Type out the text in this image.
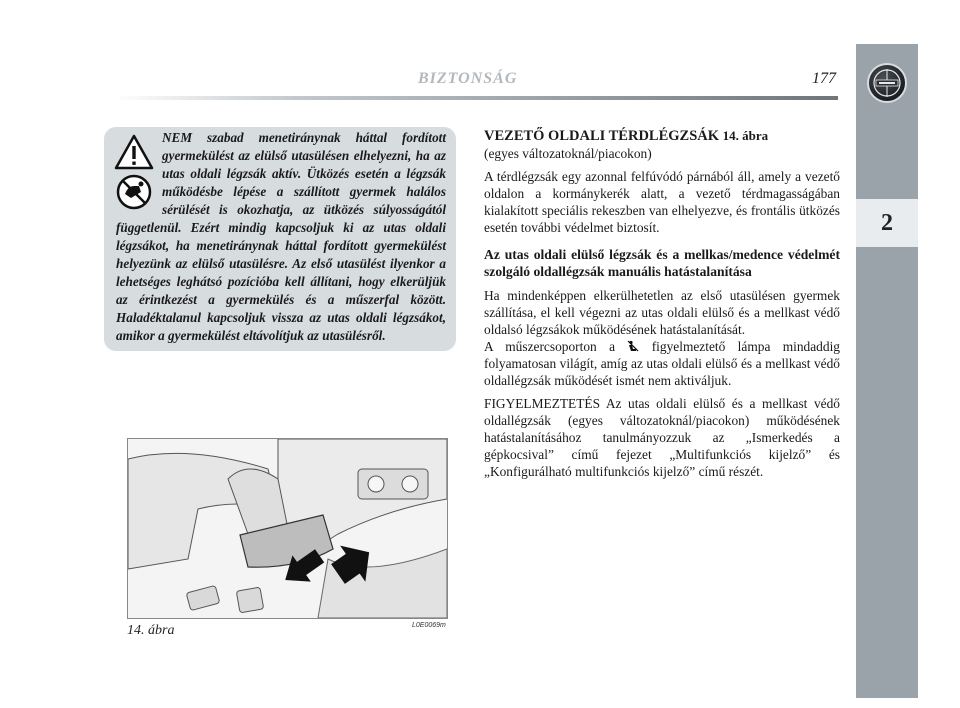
BIZTONSÁG	177
2
NEM szabad menetiránynak háttal fordított gyermekülést az elülső utasülésen elhelyezni, ha az utas oldali légzsák aktív. Ütközés esetén a légzsák működésbe lépése a szállított gyermek halálos sérülését is okozhatja, az ütközés súlyosságától függetlenül. Ezért mindig kapcsoljuk ki az utas oldali légzsákot, ha menetiránynak háttal fordított gyermekülést helyezünk az elülső utasülésre. Az első utasülést ilyenkor a lehetséges leghátsó pozícióba kell állítani, hogy elkerüljük az érintkezést a gyermekülés és a műszerfal között. Haladéktalanul kapcsoljuk vissza az utas oldali légzsákot, amikor a gyermekülést eltávolítjuk az utasülésről.
L0E0069m
14. ábra

VEZETŐ OLDALI TÉRDLÉGZSÁK 14. ábra

(egyes változatoknál/piacokon)

A térdlégzsák egy azonnal felfúvódó párnából áll, amely a vezető oldalon a kormánykerék alatt, a vezető térdmagasságában kialakított speciális rekeszben van elhelyezve, és frontális ütközés esetén további védelmet biztosít.

Az utas oldali elülső légzsák és a mellkas/medence védelmét szolgáló oldallégzsák manuális hatástalanítása

Ha mindenképpen elkerülhetetlen az első utasülésen gyermek szállítása, el kell végezni az utas oldali elülső és a mellkast védő oldalsó légzsákok működésének hatástalanítását.

A műszercsoporton a	figyelmeztető lámpa mindaddig folyamatosan világít, amíg az utas oldali elülső és a mellkast védő oldallégzsák működését ismét nem aktiváljuk.

FIGYELMEZTETÉS Az utas oldali elülső és a mellkast védő oldallégzsák (egyes változatoknál/piacokon) működésének hatástalanításához tanulmányozzuk az „Ismerkedés a gépkocsival” című fejezet „Multifunkciós kijelző” és „Konfigurálható multifunkciós kijelző” című részét.
